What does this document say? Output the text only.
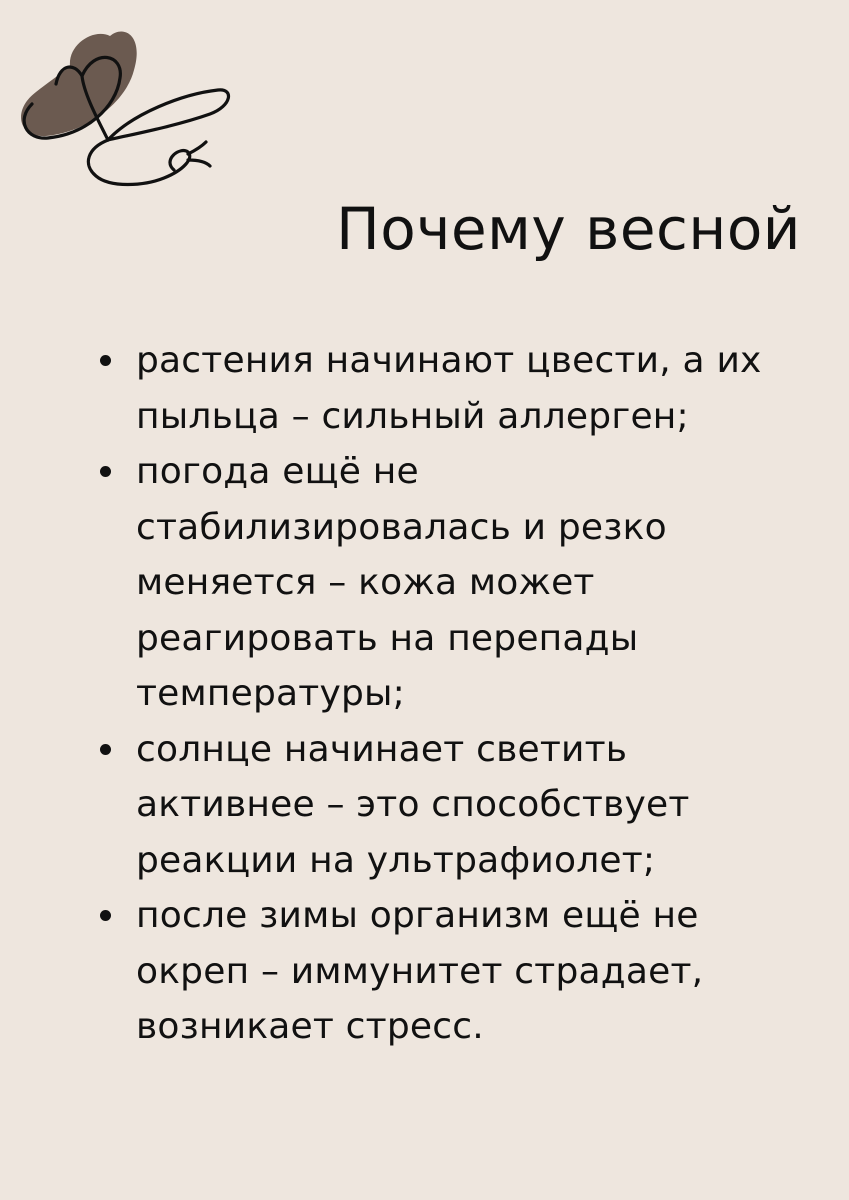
Почему весной
растения начинают цвести, а их пыльца – сильный аллерген;
погода ещё не стабилизировалась и резко меняется – кожа может реагировать на перепады температуры;
солнце начинает светить активнее – это способствует реакции на ультрафиолет;
после зимы организм ещё не окреп – иммунитет страдает, возникает стресс.
